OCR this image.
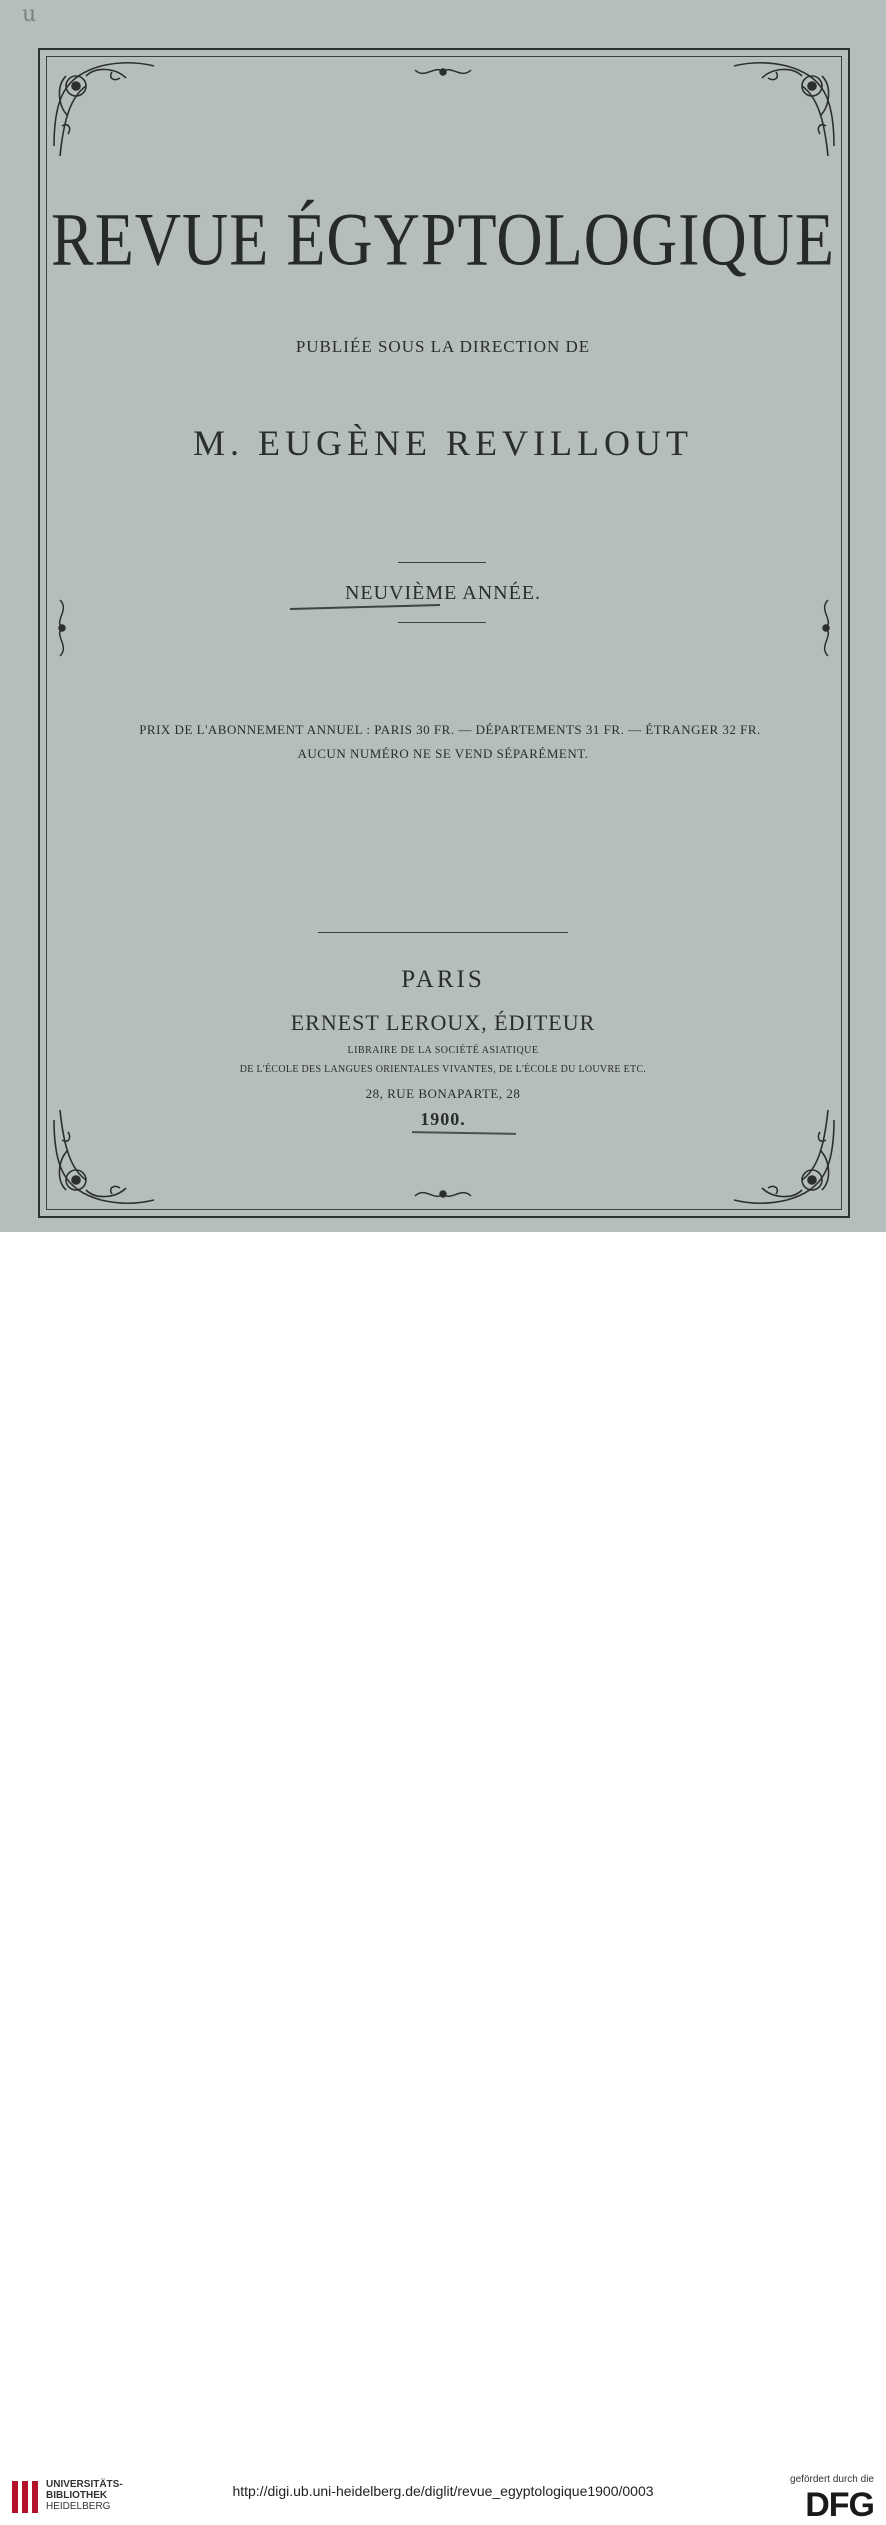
u
REVUE ÉGYPTOLOGIQUE
PUBLIÉE SOUS LA DIRECTION DE
M. EUGÈNE REVILLOUT
NEUVIÈME ANNÉE.
PRIX DE L'ABONNEMENT ANNUEL : PARIS 30 FR. — DÉPARTEMENTS 31 FR. — ÉTRANGER 32 FR.
AUCUN NUMÉRO NE SE VEND SÉPARÉMENT.
PARIS
ERNEST LEROUX, ÉDITEUR
LIBRAIRE DE LA SOCIÉTÉ ASIATIQUE
DE L'ÉCOLE DES LANGUES ORIENTALES VIVANTES, DE L'ÉCOLE DU LOUVRE ETC.
28, RUE BONAPARTE, 28
1900.
UNIVERSITÄTS-
BIBLIOTHEK
HEIDELBERG
http://digi.ub.uni-heidelberg.de/diglit/revue_egyptologique1900/0003
gefördert durch die
DFG
